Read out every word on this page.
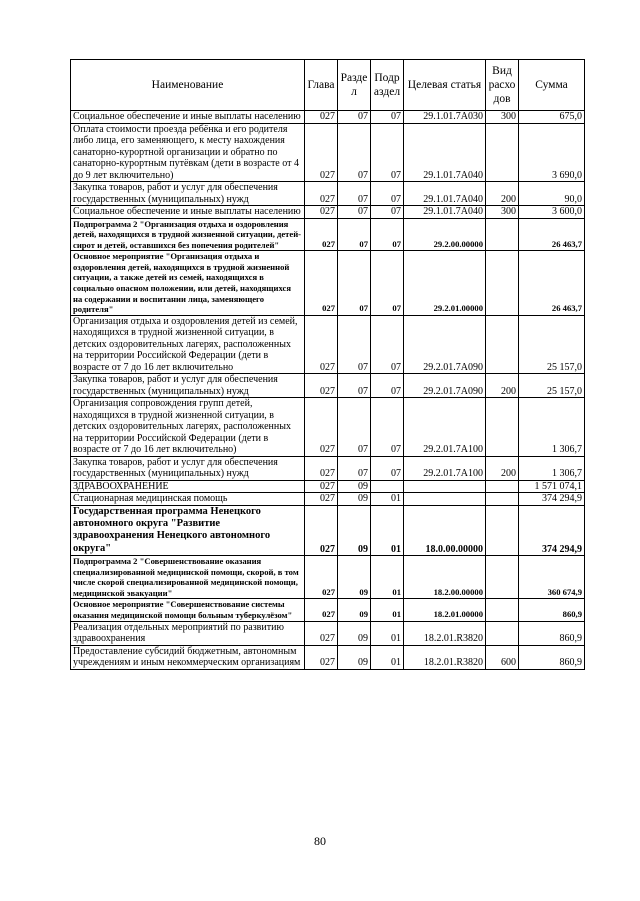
Наименование	Глава	Раздел	Подраздел	Целевая статья	Вид расходов	Сумма
Социальное обеспечение и иные выплаты населению	027	07	07	29.1.01.7А030	300	675,0
Оплата стоимости проезда ребёнка и его родителя либо лица, его заменяющего, к месту нахождения санаторно-курортной организации и обратно по санаторно-курортным путёвкам (дети в возрасте от 4 до 9 лет включительно)	027	07	07	29.1.01.7А040		3 690,0
Закупка товаров, работ и услуг для обеспечения государственных (муниципальных) нужд	027	07	07	29.1.01.7А040	200	90,0
Социальное обеспечение и иные выплаты населению	027	07	07	29.1.01.7А040	300	3 600,0
Подпрограмма 2 "Организация отдыха и оздоровления детей, находящихся в трудной жизненной ситуации, детей-сирот и детей, оставшихся без попечения родителей"	027	07	07	29.2.00.00000		26 463,7
Основное мероприятие "Организация отдыха и оздоровления детей, находящихся в трудной жизненной ситуации, а также детей из семей, находящихся в социально опасном положении, или детей, находящихся на содержании и воспитании лица, заменяющего родителя"	027	07	07	29.2.01.00000		26 463,7
Организация отдыха и оздоровления детей из семей, находящихся в трудной жизненной ситуации, в детских оздоровительных лагерях, расположенных на территории Российской Федерации (дети в возрасте от 7 до 16 лет включительно	027	07	07	29.2.01.7А090		25 157,0
Закупка товаров, работ и услуг для обеспечения государственных (муниципальных) нужд	027	07	07	29.2.01.7А090	200	25 157,0
Организация сопровождения групп детей, находящихся в трудной жизненной ситуации, в детских оздоровительных лагерях, расположенных на территории Российской Федерации (дети в возрасте от 7 до 16 лет включительно)	027	07	07	29.2.01.7А100		1 306,7
Закупка товаров, работ и услуг для обеспечения государственных (муниципальных) нужд	027	07	07	29.2.01.7А100	200	1 306,7
ЗДРАВООХРАНЕНИЕ	027	09				1 571 074,1
Стационарная медицинская помощь	027	09	01			374 294,9
Государственная программа Ненецкого автономного округа "Развитие здравоохранения Ненецкого автономного округа"	027	09	01	18.0.00.00000		374 294,9
Подпрограмма 2 "Совершенствование оказания специализированной медицинской помощи, скорой, в том числе скорой специализированной медицинской помощи, медицинской эвакуации"	027	09	01	18.2.00.00000		360 674,9
Основное мероприятие "Совершенствование системы оказания медицинской помощи больным туберкулёзом"	027	09	01	18.2.01.00000		860,9
Реализация отдельных мероприятий по развитию здравоохранения	027	09	01	18.2.01.R3820		860,9
Предоставление субсидий бюджетным, автономным учреждениям и иным некоммерческим организациям	027	09	01	18.2.01.R3820	600	860,9
80
